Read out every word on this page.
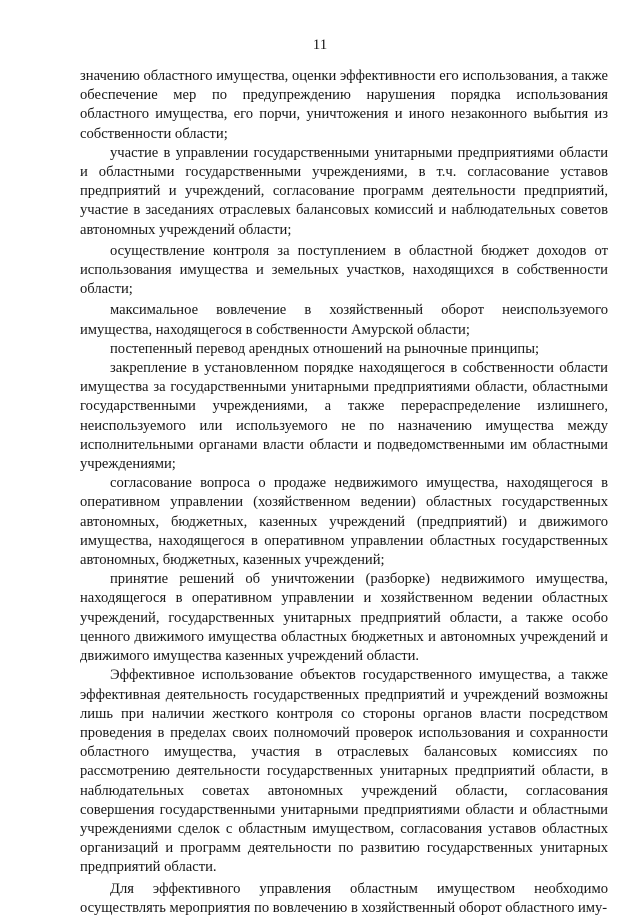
11

значению областного имущества, оценки эффективности его использования, а также обеспечение мер по предупреждению нарушения порядка использования областного имущества, его порчи, уничтожения и иного незаконного выбытия из собственности области;

участие в управлении государственными унитарными предприятиями области и областными государственными учреждениями, в т.ч. согласование уставов предприятий и учреждений, согласование программ деятельности предприятий, участие в заседаниях отраслевых балансовых комиссий и наблюдательных советов автономных учреждений области;

осуществление контроля за поступлением в областной бюджет доходов от использования имущества и земельных участков, находящихся в собственности области;

максимальное вовлечение в хозяйственный оборот неиспользуемого имущества, находящегося в собственности Амурской области;

постепенный перевод арендных отношений на рыночные принципы;

закрепление в установленном порядке находящегося в собственности области имущества за государственными унитарными предприятиями области, областными государственными учреждениями, а также перераспределение излишнего, неиспользуемого или используемого не по назначению имущества между исполнительными органами власти области и подведомственными им областными учреждениями;

согласование вопроса о продаже недвижимого имущества, находящегося в оперативном управлении (хозяйственном ведении) областных государственных автономных, бюджетных, казенных учреждений (предприятий) и движимого имущества, находящегося в оперативном управлении областных государственных автономных, бюджетных, казенных учреждений;

принятие решений об уничтожении (разборке) недвижимого имущества, находящегося в оперативном управлении и хозяйственном ведении областных учреждений, государственных унитарных предприятий области, а также особо ценного движимого имущества областных бюджетных и автономных учреждений и движимого имущества казенных учреждений области.

Эффективное использование объектов государственного имущества, а также эффективная деятельность государственных предприятий и учреждений возможны лишь при наличии жесткого контроля со стороны органов власти посредством проведения в пределах своих полномочий проверок использования и сохранности областного имущества, участия в отраслевых балансовых комиссиях по рассмотрению деятельности государственных унитарных предприятий области, в наблюдательных советах автономных учреждений области, согласования совершения государственными унитарными предприятиями области и областными учреждениями сделок с областным имуществом, согласования уставов областных организаций и программ деятельности по развитию государственных унитарных предприятий области.

Для эффективного управления областным имуществом необходимо осуществлять мероприятия по вовлечению в хозяйственный оборот областного иму-
